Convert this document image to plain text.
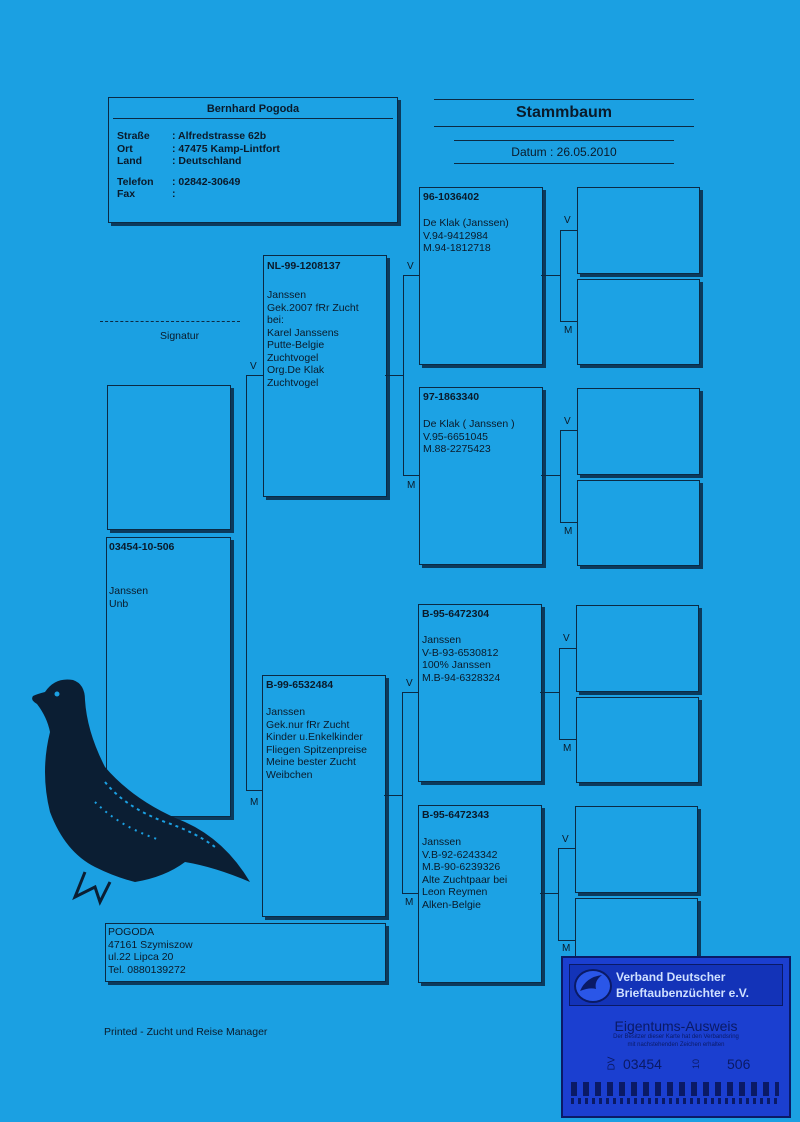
Bernhard Pogoda
Straße : Alfredstrasse 62b
Ort	: 47475 Kamp-Lintfort
Land	: Deutschland
Telefon : 02842-30649
Fax	:
Stammbaum
Datum : 26.05.2010
Signatur
03454-10-506
Janssen
Unb
NL-99-1208137
Janssen
Gek.2007 fRr Zucht
bei:
Karel Janssens
Putte-Belgie
Zuchtvogel
Org.De Klak
Zuchtvogel
B-99-6532484
Janssen
Gek.nur fRr Zucht
Kinder u.Enkelkinder
Fliegen Spitzenpreise
Meine bester Zucht
Weibchen
96-1036402
De Klak (Janssen)
V.94-9412984
M.94-1812718
97-1863340
De Klak ( Janssen )
V.95-6651045
M.88-2275423
B-95-6472304
Janssen
V-B-93-6530812
100% Janssen
M.B-94-6328324
B-95-6472343
Janssen
V.B-92-6243342
M.B-90-6239326
Alte Zuchtpaar bei
Leon Reymen
Alken-Belgie
V
M
V
M
V
M
V
M
V
M
V
M
V
M
POGODA
47161 Szymiszow
ul.22 Lipca 20
Tel. 0880139272
Printed - Zucht und Reise Manager
Verband Deutscher
Brieftaubenzüchter e.V.
Eigentums-Ausweis
Der Besitzer dieser Karte hat den Verbandsring
mit nachstehenden Zeichen erhalten
DV 03454	10 506
